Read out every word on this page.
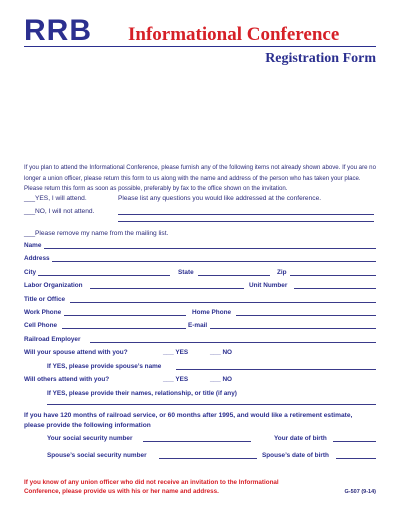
RRB Informational Conference
Registration Form
If you plan to attend the Informational Conference, please furnish any of the following items not already shown above. If you are no longer a union officer, please return this form to us along with the name and address of the person who has taken your place. Please return this form as soon as possible, preferably by fax to the office shown on the invitation.
___YES, I will attend.	Please list any questions you would like addressed at the conference.
___NO, I will not attend.
___Please remove my name from the mailing list.
Name
Address
City	State	Zip
Labor Organization	Unit Number
Title or Office
Work Phone	Home Phone
Cell Phone	E-mail
Railroad Employer
Will your spouse attend with you?	___ YES	___ NO
If YES, please provide spouse’s name
Will others attend with you?	___ YES	___ NO
If YES, please provide their names, relationship, or title (if any)
If you have 120 months of railroad service, or 60 months after 1995, and would like a retirement estimate, please provide the following information
Your social security number	Your date of birth
Spouse’s social security number	Spouse’s date of birth
If you know of any union officer who did not receive an invitation to the Informational Conference, please provide us with his or her name and address.	G-507 (9-14)
